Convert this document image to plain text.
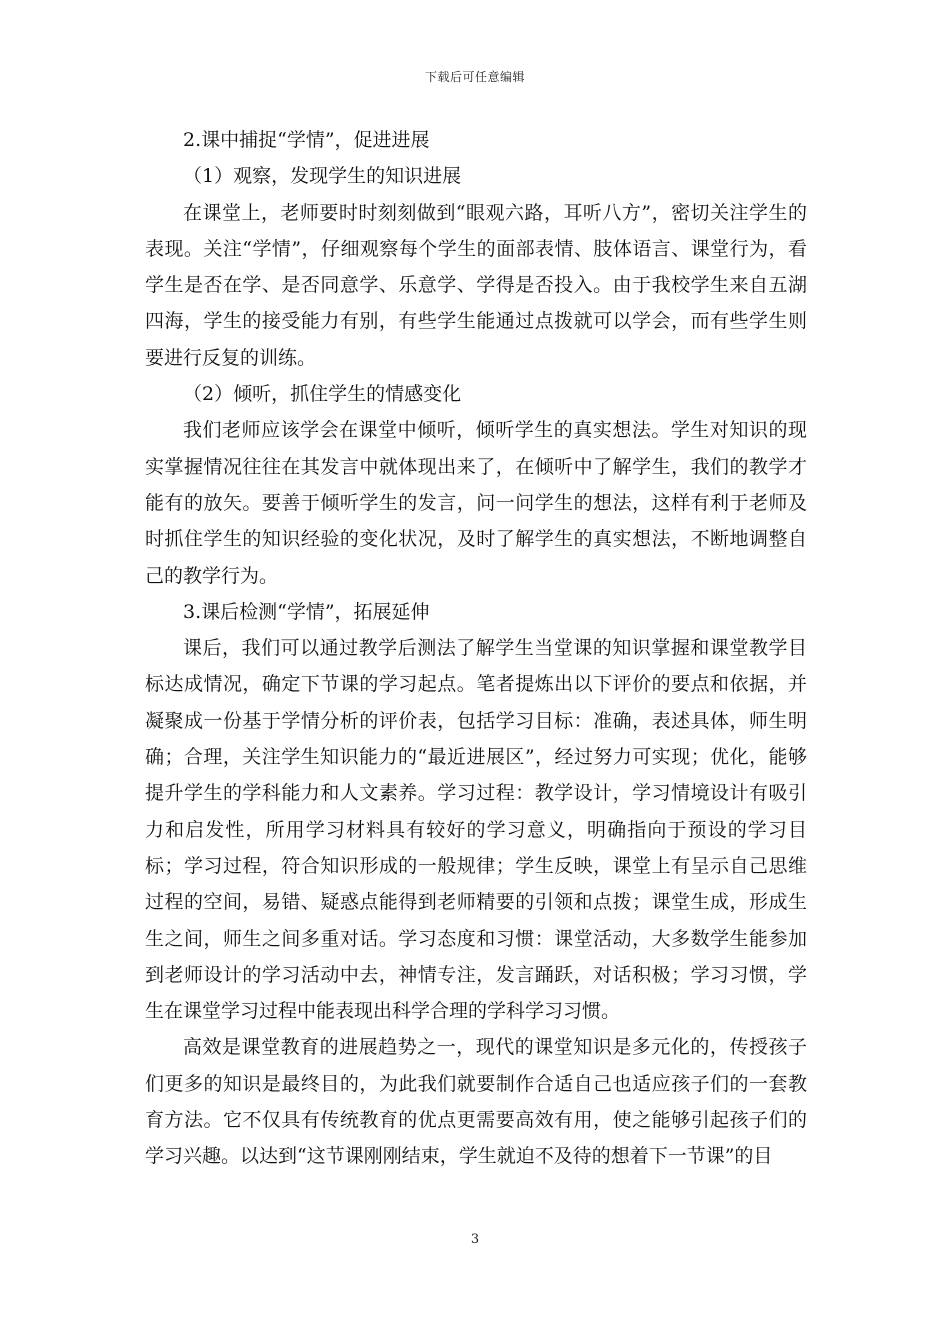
下载后可任意编辑

2.课中捕捉“学情”，促进进展

（1）观察，发现学生的知识进展

在课堂上，老师要时时刻刻做到“眼观六路，耳听八方”，密切关注学生的表现。关注“学情”，仔细观察每个学生的面部表情、肢体语言、课堂行为，看学生是否在学、是否同意学、乐意学、学得是否投入。由于我校学生来自五湖四海，学生的接受能力有别，有些学生能通过点拨就可以学会，而有些学生则要进行反复的训练。

（2）倾听，抓住学生的情感变化

我们老师应该学会在课堂中倾听，倾听学生的真实想法。学生对知识的现实掌握情况往往在其发言中就体现出来了，在倾听中了解学生，我们的教学才能有的放矢。要善于倾听学生的发言，问一问学生的想法，这样有利于老师及时抓住学生的知识经验的变化状况，及时了解学生的真实想法，不断地调整自己的教学行为。

3.课后检测“学情”，拓展延伸

课后，我们可以通过教学后测法了解学生当堂课的知识掌握和课堂教学目标达成情况，确定下节课的学习起点。笔者提炼出以下评价的要点和依据，并凝聚成一份基于学情分析的评价表，包括学习目标：准确，表述具体，师生明确；合理，关注学生知识能力的“最近进展区”，经过努力可实现；优化，能够提升学生的学科能力和人文素养。学习过程：教学设计，学习情境设计有吸引力和启发性，所用学习材料具有较好的学习意义，明确指向于预设的学习目标；学习过程，符合知识形成的一般规律；学生反映，课堂上有呈示自己思维过程的空间，易错、疑惑点能得到老师精要的引领和点拨；课堂生成，形成生生之间，师生之间多重对话。学习态度和习惯：课堂活动，大多数学生能参加到老师设计的学习活动中去，神情专注，发言踊跃，对话积极；学习习惯，学生在课堂学习过程中能表现出科学合理的学科学习习惯。

高效是课堂教育的进展趋势之一，现代的课堂知识是多元化的，传授孩子们更多的知识是最终目的，为此我们就要制作合适自己也适应孩子们的一套教育方法。它不仅具有传统教育的优点更需要高效有用，使之能够引起孩子们的学习兴趣。以达到“这节课刚刚结束，学生就迫不及待的想着下一节课”的目

3
